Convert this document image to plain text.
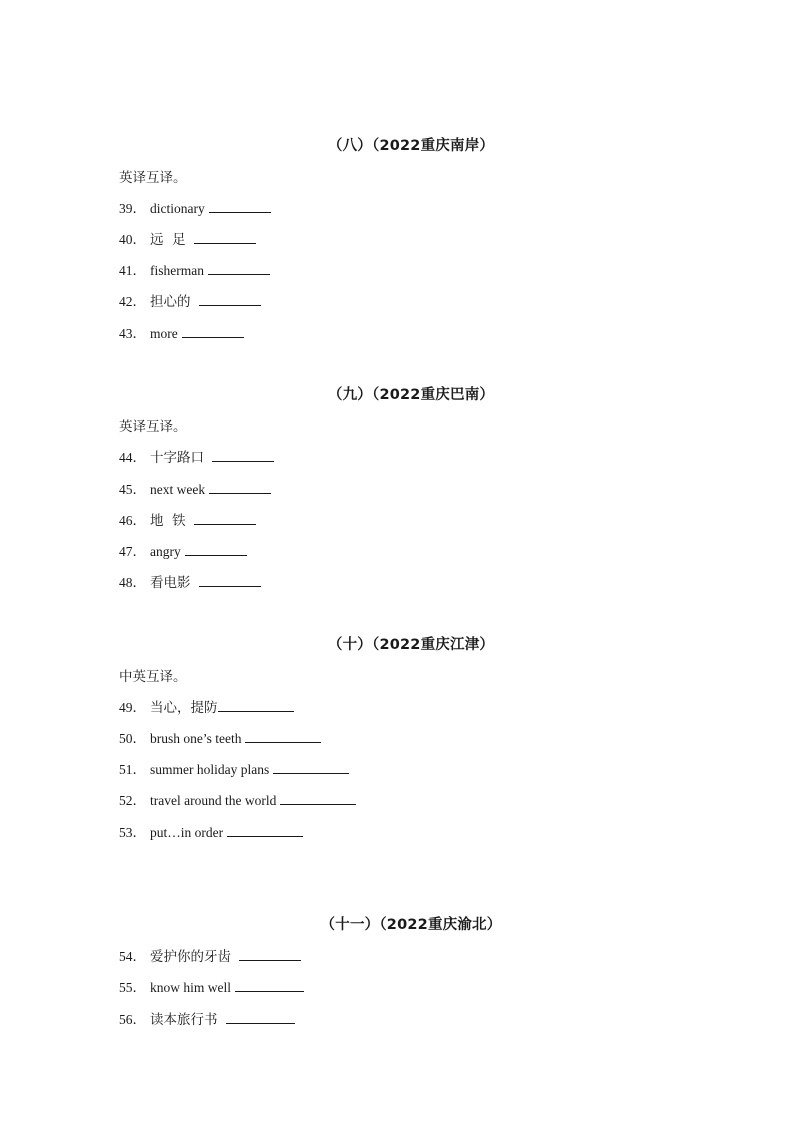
（八）（2022重庆南岸）
英译互译。
39． dictionary
40． 远  足
41． fisherman
42． 担心的
43． more
（九）（2022重庆巴南）
英译互译。
44． 十字路口
45． next week
46． 地  铁
47． angry
48． 看电影
（十）（2022重庆江津）
中英互译。
49． 当心，提防
50． brush one’s teeth
51． summer holiday plans
52． travel around the world
53． put…in order
（十一）（2022重庆渝北）
54． 爱护你的牙齿
55． know him well
56． 读本旅行书
